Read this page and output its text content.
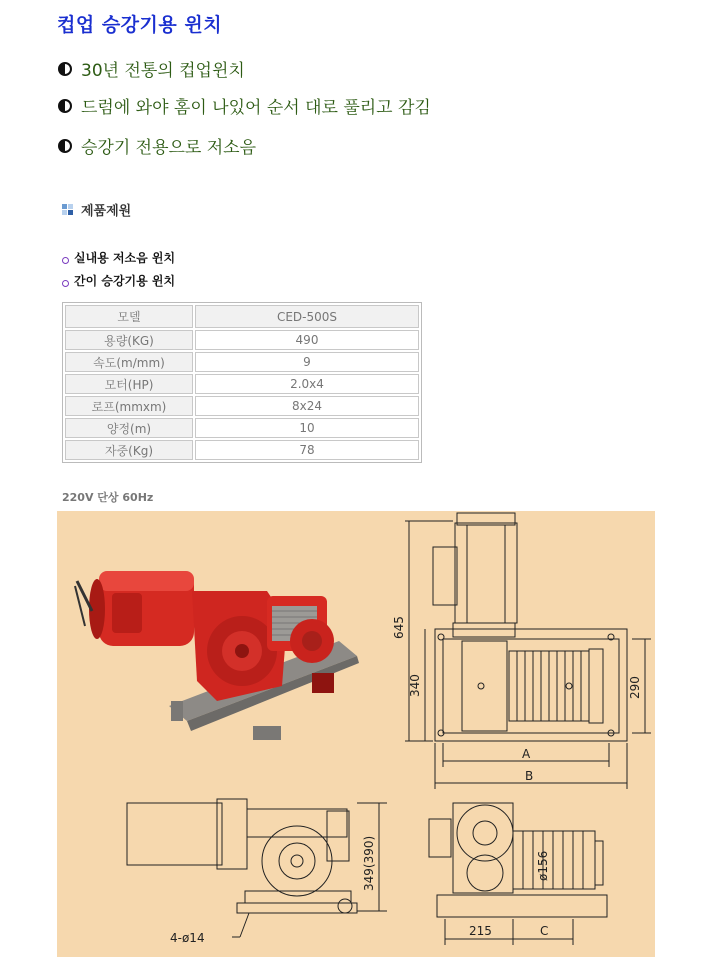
컵업 승강기용 윈치
30년 전통의 컵업윈치
드럼에 와야 홈이 나있어 순서 대로 풀리고 감김
승강기 전용으로 저소음
제품제원
실내용 저소음 윈치
간이 승강기용 윈치
모델	CED-500S
용량(KG)	490
속도(m/mm)	9
모터(HP)	2.0x4
로프(mmxm)	8x24
양정(m)	10
자중(Kg)	78
220V 단상 60Hz
645
340	290
A
B
349(390)
4-ø14
ø156
215	C
